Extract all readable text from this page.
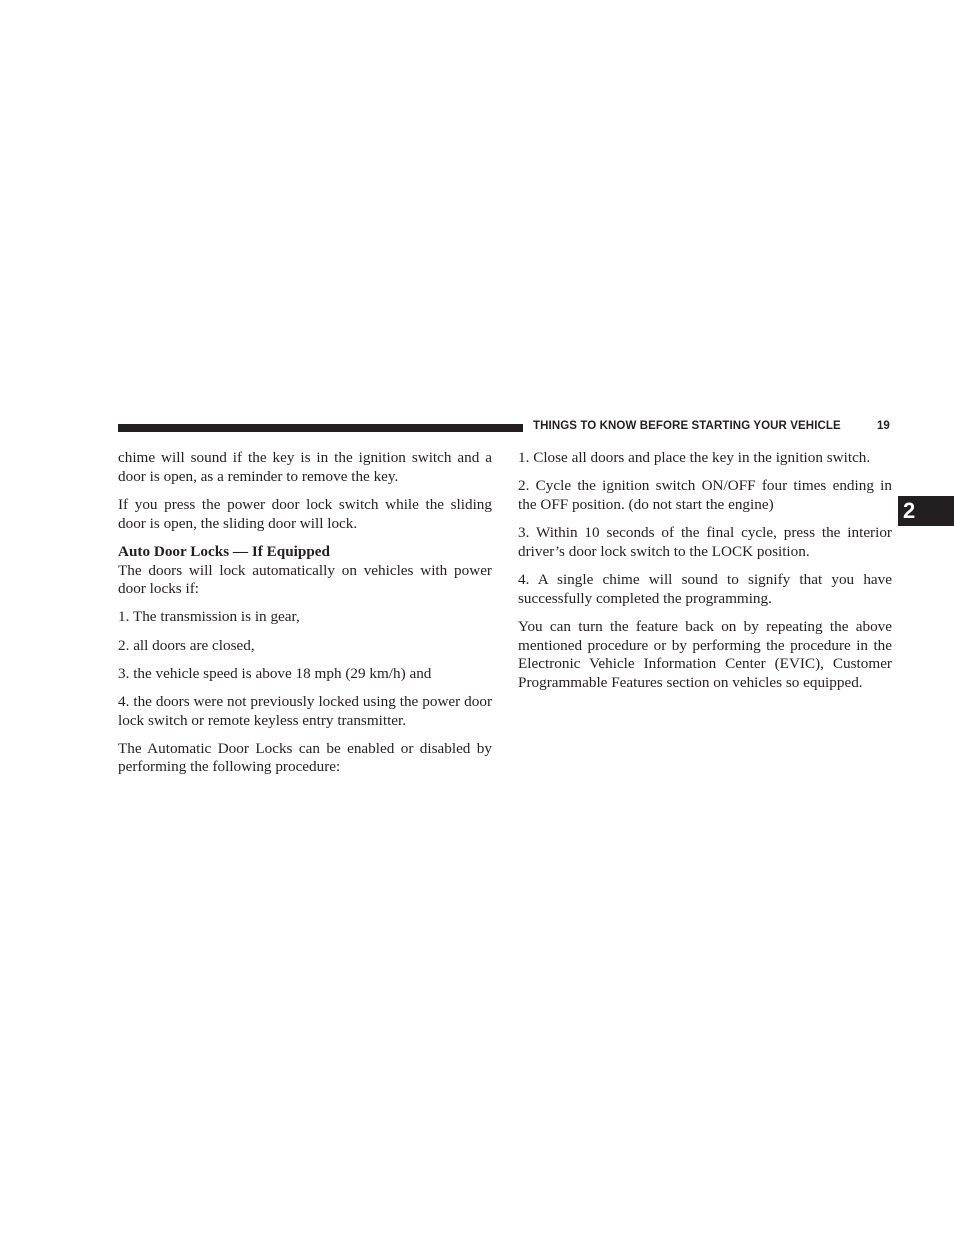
THINGS TO KNOW BEFORE STARTING YOUR VEHICLE	19
2

chime will sound if the key is in the ignition switch and a door is open, as a reminder to remove the key.

If you press the power door lock switch while the sliding door is open, the sliding door will lock.

Auto Door Locks — If Equipped

The doors will lock automatically on vehicles with power door locks if:

1. The transmission is in gear,

2. all doors are closed,

3. the vehicle speed is above 18 mph (29 km/h) and

4. the doors were not previously locked using the power door lock switch or remote keyless entry transmitter.

The Automatic Door Locks can be enabled or disabled by performing the following procedure:

1. Close all doors and place the key in the ignition switch.

2. Cycle the ignition switch ON/OFF four times ending in the OFF position. (do not start the engine)

3. Within 10 seconds of the final cycle, press the interior driver’s door lock switch to the LOCK position.

4. A single chime will sound to signify that you have successfully completed the programming.

You can turn the feature back on by repeating the above mentioned procedure or by performing the procedure in the Electronic Vehicle Information Center (EVIC), Customer Programmable Features section on vehicles so equipped.
